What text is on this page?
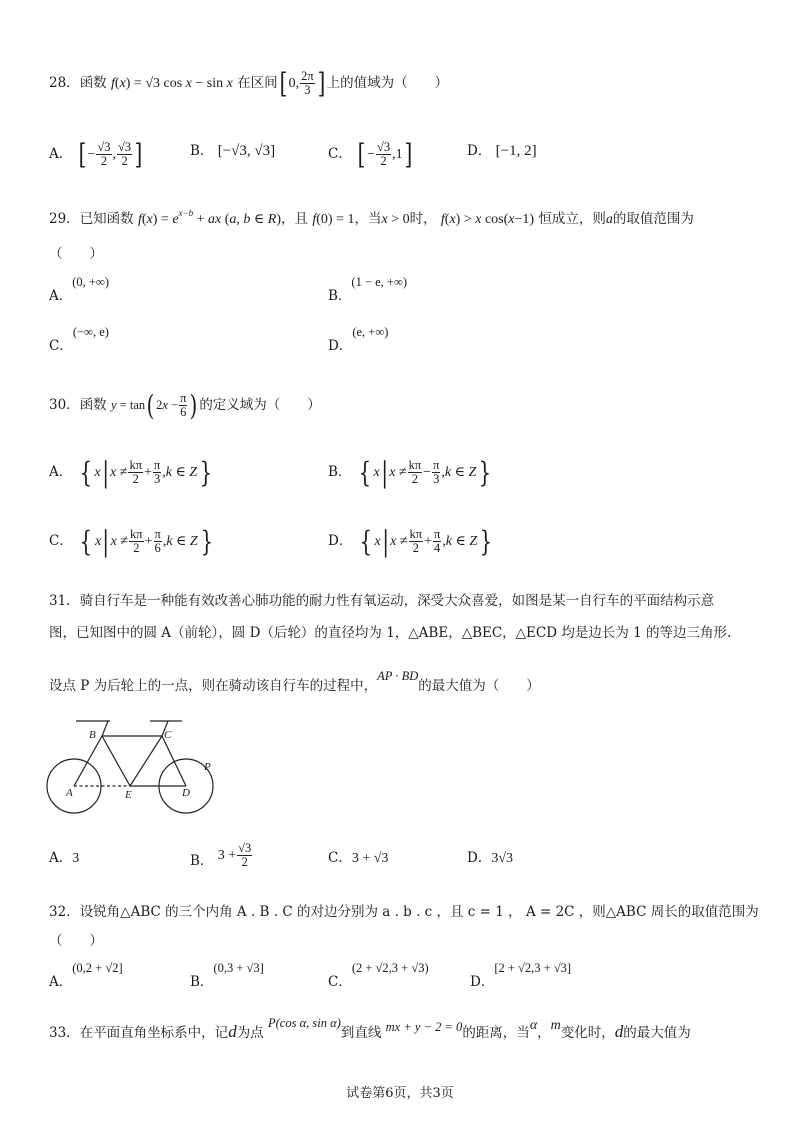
28．函数 f(x) = √3 cos x − sin x 在区间[ 0, $\frac{2\pi}{3}$ ] 上的值域为（　　）
A． [ − $\frac{√3}{2}$ , $\frac{√3}{2}$ ]	B． [−√3, √3]	C． [ − $\frac{√3}{2} ,1$]	D． [−1, 2]
29．已知函数 $f(x) = e^{x-b}$ + ax (a, b ∈ R)，且 f(0) = 1，当x > 0时， f(x) > x cos(x−1) 恒成立，则a的取值范围为
（　　）
A．(0, +∞)
B．(1 − e, +∞)
C．(−∞, e)
D．(e, +∞)
30．函数 y = tan( $2x - \frac{\pi}{6}$ ) 的定义域为（　　）
A． { $x|x \ne \frac{k\pi}{2} + \frac{\pi}{3} ,k$ ∈ Z}	B． { $x|x \ne \frac{k\pi}{2} - \frac{\pi}{3} ,k$ ∈ Z}
C． { $x|x \ne \frac{k\pi}{2} + \frac{\pi}{6} ,k$ ∈ Z}	D． { $x|x \ne \frac{k\pi}{2} + \frac{\pi}{4} ,k$ ∈ Z}
31．骑自行车是一种能有效改善心肺功能的耐力性有氧运动，深受大众喜爱，如图是某一自行车的平面结构示意
图，已知图中的圆 A（前轮），圆 D（后轮）的直径均为 1，△ABE，△BEC，△ECD 均是边长为 1 的等边三角形.
设点 P 为后轮上的一点，则在骑动该自行车的过程中，AP · BD的最大值为（　　）
B	C
A	E	D
P
A．3	B． $3 + \frac{√3}{2}$	C．3 + √3	D．3√3
32．设锐角△ABC 的三个内角 A . B . C 的对边分别为 a . b . c ，且 c = 1 ， A = 2C ，则△ABC 周长的取值范围为
（　　）
A．(0,2 + √2]
B．(0,3 + √3]
C．(2 + √2,3 + √3)
D．[2 + √2,3 + √3]
33．在平面直角坐标系中，记d为点 P(cos α, sin α)到直线 mx + y − 2 = 0的距离，当α，m变化时，d的最大值为
试卷第6页，共3页
